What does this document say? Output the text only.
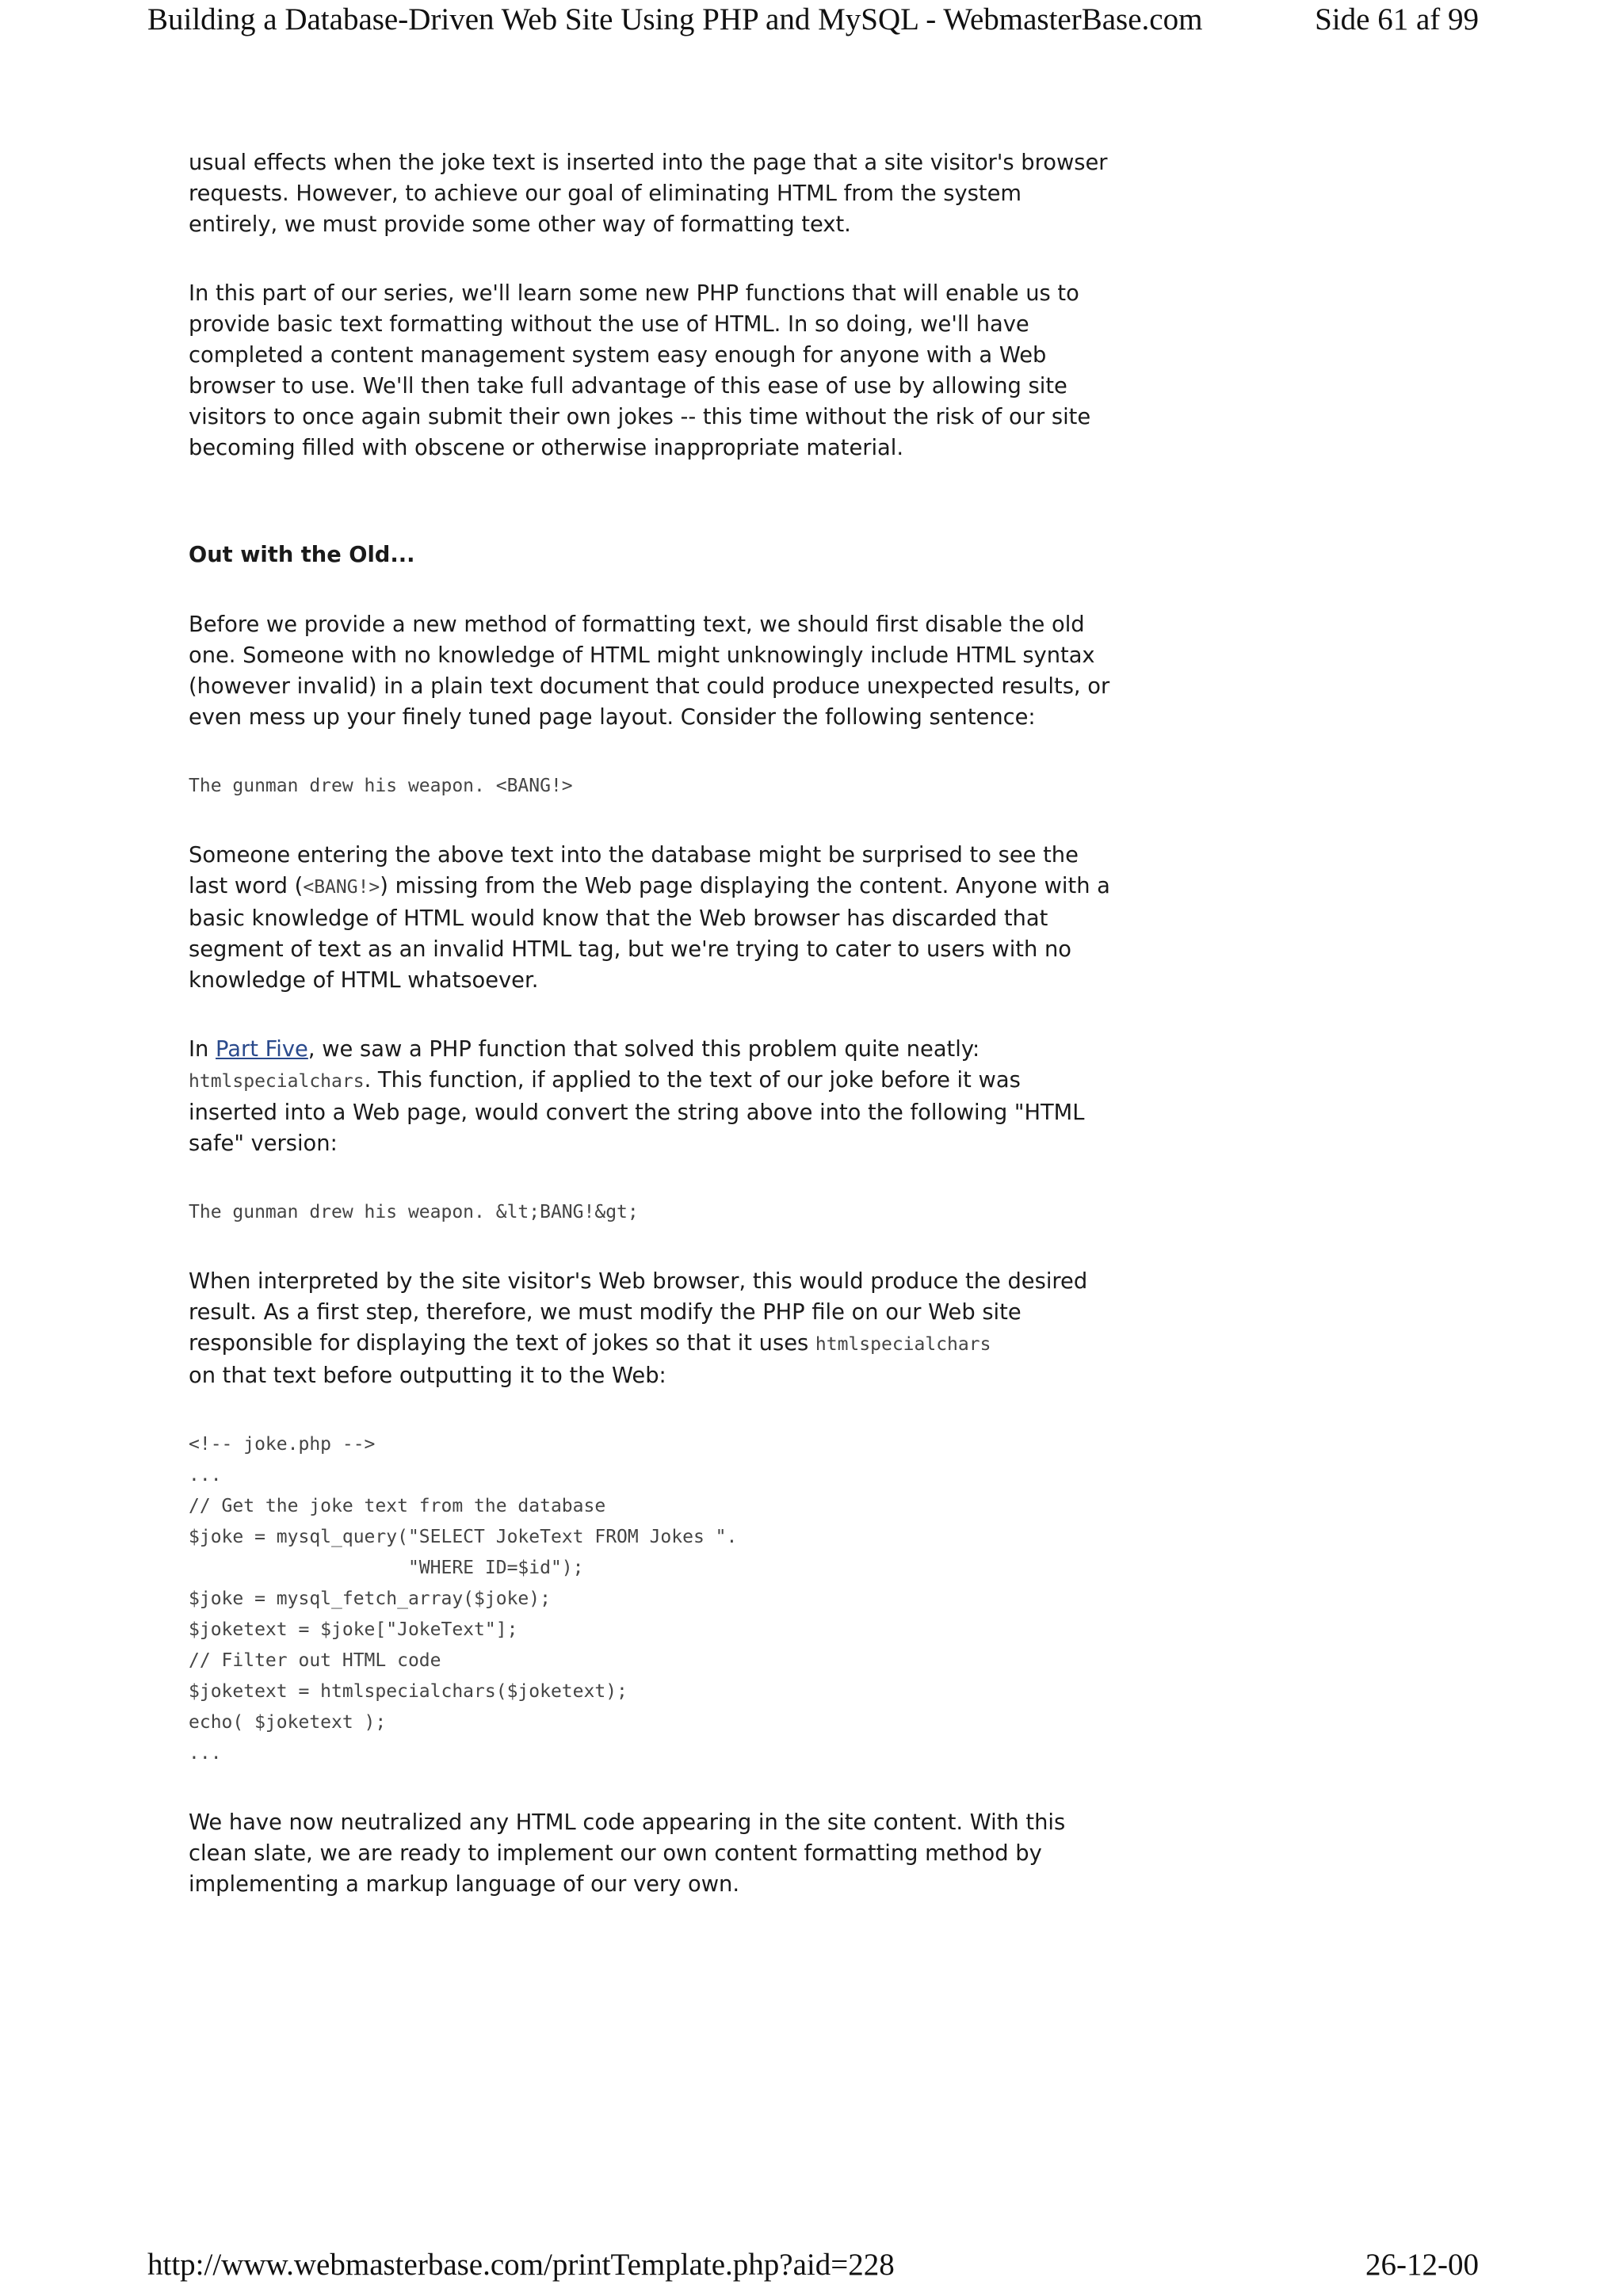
Building a Database-Driven Web Site Using PHP and MySQL - WebmasterBase.com	Side 61 af 99

usual effects when the joke text is inserted into the page that a site visitor's browser requests. However, to achieve our goal of eliminating HTML from the system entirely, we must provide some other way of formatting text.

In this part of our series, we'll learn some new PHP functions that will enable us to provide basic text formatting without the use of HTML. In so doing, we'll have completed a content management system easy enough for anyone with a Web browser to use. We'll then take full advantage of this ease of use by allowing site visitors to once again submit their own jokes -- this time without the risk of our site becoming filled with obscene or otherwise inappropriate material.

Out with the Old...

Before we provide a new method of formatting text, we should first disable the old one. Someone with no knowledge of HTML might unknowingly include HTML syntax (however invalid) in a plain text document that could produce unexpected results, or even mess up your finely tuned page layout. Consider the following sentence:

The gunman drew his weapon. <BANG!>

Someone entering the above text into the database might be surprised to see the last word (<BANG!>) missing from the Web page displaying the content. Anyone with a basic knowledge of HTML would know that the Web browser has discarded that segment of text as an invalid HTML tag, but we're trying to cater to users with no knowledge of HTML whatsoever.

In Part Five, we saw a PHP function that solved this problem quite neatly:
htmlspecialchars. This function, if applied to the text of our joke before it was inserted into a Web page, would convert the string above into the following "HTML safe" version:

The gunman drew his weapon. &lt;BANG!&gt;

When interpreted by the site visitor's Web browser, this would produce the desired result. As a first step, therefore, we must modify the PHP file on our Web site responsible for displaying the text of jokes so that it uses htmlspecialchars
on that text before outputting it to the Web:

<!-- joke.php -->
...
// Get the joke text from the database
$joke = mysql_query("SELECT JokeText FROM Jokes ".
"WHERE ID=$id");
$joke = mysql_fetch_array($joke);
$joketext = $joke["JokeText"];
// Filter out HTML code
$joketext = htmlspecialchars($joketext);
echo( $joketext );
...

We have now neutralized any HTML code appearing in the site content. With this clean slate, we are ready to implement our own content formatting method by implementing a markup language of our very own.

http://www.webmasterbase.com/printTemplate.php?aid=228	26-12-00
